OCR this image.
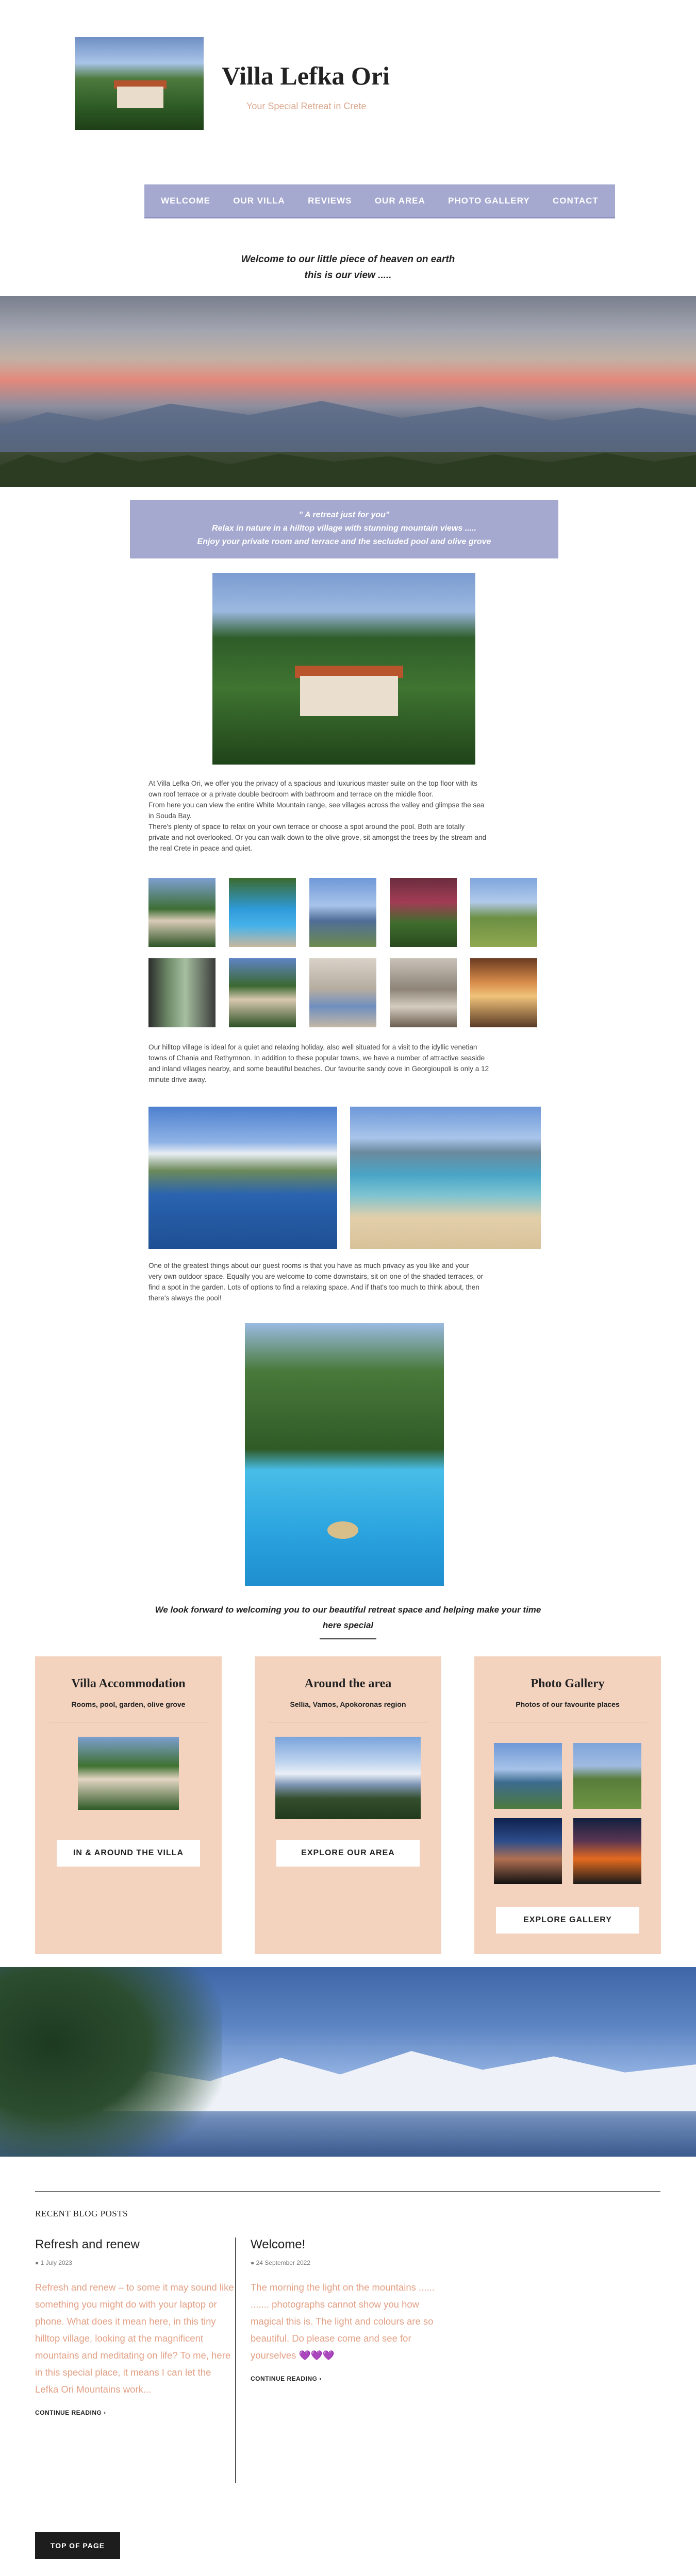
Villa Lefka Ori
Your Special Retreat in Crete
WELCOME	OUR VILLA	REVIEWS	OUR AREA	PHOTO GALLERY	CONTACT
Welcome to our little piece of heaven on earth
this is our view .....
" A retreat just for you"
Relax in nature in a hilltop village with stunning mountain views .....
Enjoy your private room and terrace and the secluded pool and olive grove
At Villa Lefka Ori, we offer you the privacy of a spacious and luxurious master suite on the top floor with its
own roof terrace or a private double bedroom with bathroom and terrace on the middle floor.
From here you can view the entire White Mountain range, see villages across the valley and glimpse the sea
in Souda Bay.
There's plenty of space to relax on your own terrace or choose a spot around the pool. Both are totally
private and not overlooked. Or you can walk down to the olive grove, sit amongst the trees by the stream and
the real Crete in peace and quiet.
Our hilltop village is ideal for a quiet and relaxing holiday, also well situated for a visit to the idyllic venetian
towns of Chania and Rethymnon. In addition to these popular towns, we have a number of attractive seaside
and inland villages nearby, and some beautiful beaches. Our favourite sandy cove in Georgioupoli is only a 12
minute drive away.
One of the greatest things about our guest rooms is that you have as much privacy as you like and your
very own outdoor space. Equally you are welcome to come downstairs, sit on one of the shaded terraces, or
find a spot in the garden. Lots of options to find a relaxing space. And if that's too much to think about, then
there's always the pool!
We look forward to welcoming you to our beautiful retreat space and helping make your time
here special
Villa Accommodation
Rooms, pool, garden, olive grove
IN & AROUND THE VILLA
Around the area
Sellia, Vamos, Apokoronas region
EXPLORE OUR AREA
Photo Gallery
Photos of our favourite places
EXPLORE GALLERY
RECENT BLOG POSTS
Refresh and renew
● 1 July 2023
Refresh and renew – to some it may sound like something you might do with your laptop or phone. What does it mean here, in this tiny hilltop village, looking at the magnificent mountains and meditating on life? To me, here in this special place, it means I can let the Lefka Ori Mountains work...
CONTINUE READING ›
Welcome!
● 24 September 2022
The morning the light on the mountains ...... ....... photographs cannot show you how magical this is. The light and colours are so beautiful. Do please come and see for yourselves 💜💜💜
CONTINUE READING ›
TOP OF PAGE
